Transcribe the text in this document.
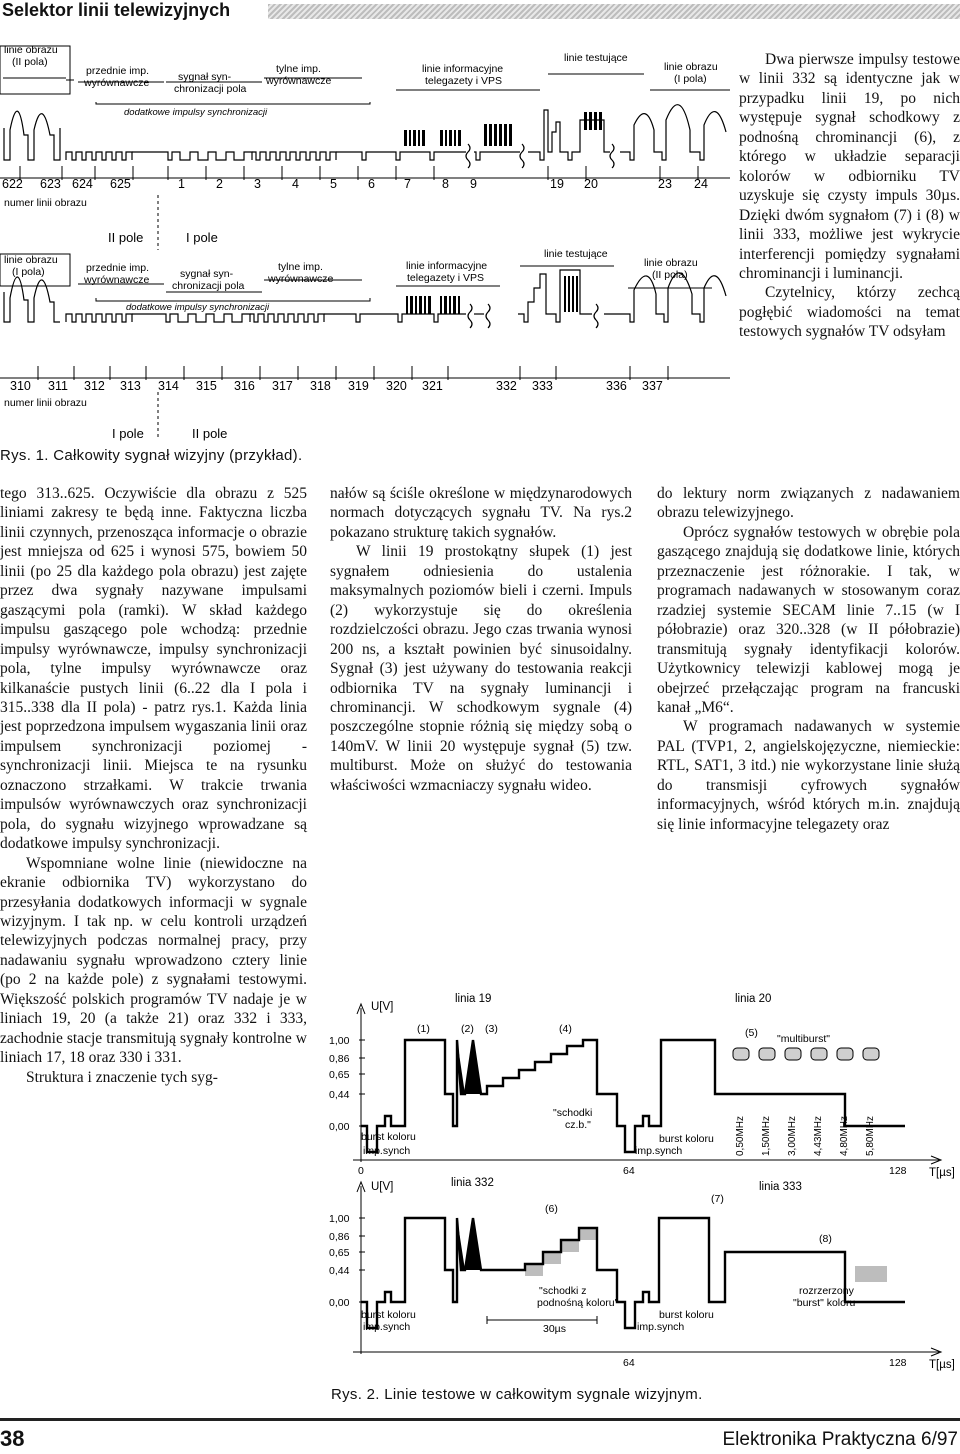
Selektor linii telewizyjnych
linie obrazu
(II pola)
przednie imp.
wyrównawcze	sygnał syn-
chronizacji pola
tylne imp.
wyrównawcze
dodatkowe impulsy synchronizacji
linie informacyjne
telegazety i VPS
linie testujące
linie obrazu
(I pola)
622 623 624 625	1 2 3 4 5 6 7 8 9	19 20	23 24
numer linii obrazu
II pole	I pole
linie obrazu
(I pola)	przednie imp.
wyrównawcze	sygnał syn-
chronizacji pola
tylne imp.
wyrównawcze
dodatkowe impulsy synchronizacji
linie informacyjne
telegazety i VPS
linie testujące
linie obrazu
(II pola)
310 311 312 313 314 315 316 317 318 319 320 321	332 333	336 337
numer linii obrazu
I pole	II pole
Rys. 1. Całkowity sygnał wizyjny (przykład).

Dwa pierwsze impulsy testowe w linii 332 są identyczne jak w przypadku linii 19, po nich występuje sygnał schodkowy z podnośną chrominancji (6), z którego w układzie separacji kolorów w odbiorniku TV uzyskuje się czysty impuls 30µs. Dzięki dwóm sygnałom (7) i (8) w linii 333, możliwe jest wykrycie interferencji pomiędzy sygnałami chrominancji i luminancji.

Czytelnicy, którzy zechcą pogłębić wiadomości na temat testowych sygnałów TV odsyłam

tego 313..625. Oczywiście dla obrazu z 525 liniami zakresy te będą inne. Faktyczna liczba linii czynnych, przenosząca informacje o obrazie jest mniejsza od 625 i wynosi 575, bowiem 50 linii (po 25 dla każdego pola obrazu) jest zajęte przez dwa sygnały nazywane impulsami gaszącymi pola (ramki). W skład każdego impulsu gaszącego pole wchodzą: przednie impulsy wyrównawcze, impulsy synchronizacji pola, tylne impulsy wyrównawcze oraz kilkanaście pustych linii (6..22 dla I pola i 315..338 dla II pola) - patrz rys.1. Każda linia jest poprzedzona impulsem wygaszania linii oraz impulsem synchronizacji poziomej - synchronizacji linii. Miejsca te na rysunku oznaczono strzałkami. W trakcie trwania impulsów wyrównawczych oraz synchronizacji pola, do sygnału wizyjnego wprowadzane są dodatkowe impulsy synchronizacji.

Wspomniane wolne linie (niewidoczne na ekranie odbiornika TV) wykorzystano do przesyłania dodatkowych informacji w sygnale wizyjnym. I tak np. w celu kontroli urządzeń telewizyjnych podczas normalnej pracy, przy nadawaniu sygnału wprowadzono cztery linie (po 2 na każde pole) z sygnałami testowymi. Większość polskich programów TV nadaje je w liniach 19, 20 (a także 21) oraz 332 i 333, zachodnie stacje transmitują sygnały kontrolne w liniach 17, 18 oraz 330 i 331.

Struktura i znaczenie tych syg-

nałów są ściśle określone w międzynarodowych normach dotyczących sygnału TV. Na rys.2 pokazano strukturę takich sygnałów.

W linii 19 prostokątny słupek (1) jest sygnałem odniesienia do ustalenia maksymalnych poziomów bieli i czerni. Impuls (2) wykorzystuje się do określenia rozdzielczości obrazu. Jego czas trwania wynosi 200 ns, a kształt powinien być sinusoidalny. Sygnał (3) jest używany do testowania reakcji odbiornika TV na sygnały luminancji i chrominancji. W schodkowym sygnale (4) poszczególne stopnie różnią się między sobą o 140mV. W linii 20 występuje sygnał (5) tzw. multiburst. Może on służyć do testowania właściwości wzmacniaczy sygnału wideo.

do lektury norm związanych z nadawaniem obrazu telewizyjnego.

Oprócz sygnałów testowych w obrębie pola gaszącego znajdują się dodatkowe linie, których przeznaczenie jest różnorakie. I tak, w programach nadawanych w stosowanym coraz rzadziej systemie SECAM linie 7..15 (w I półobrazie) oraz 320..328 (w II półobrazie) transmitują sygnały identyfikacji kolorów. Użytkownicy telewizji kablowej mogą je obejrzeć przełączając program na francuski kanał „M6“.

W programach nadawanych w systemie PAL (TVP1, 2, angielskojęzyczne, niemieckie: RTL, SAT1, 3 itd.) nie wykorzystane linie służą do transmisji cyfrowych sygnałów informacyjnych, wśród których m.in. znajdują się linie informacyjne telegazety oraz

U[V]
1,00
0,86
0,65
0,44
0,00
linia 19	linia 20
(1)	(2) (3)	(4)	(5) "multiburst"
burst koloru	burst koloru
imp.synch	imp.synch
"schodki
cz.b."	0,50MHz 1,50MHz 3,00MHz 4,43MHz 4,80MHz 5,80MHz
0	64	128 T[µs]
U[V]
1,00
0,86
0,65
0,44
0,00
linia 332	linia 333
(6)
(7)
(8)
burst koloru	burst koloru
imp.synch	imp.synch
"schodki z
podnośną koloru"
rozrzerzony
"burst" koloru
30µs
64	128 T[µs]
Rys. 2. Linie testowe w całkowitym sygnale wizyjnym.
38	Elektronika Praktyczna 6/97
